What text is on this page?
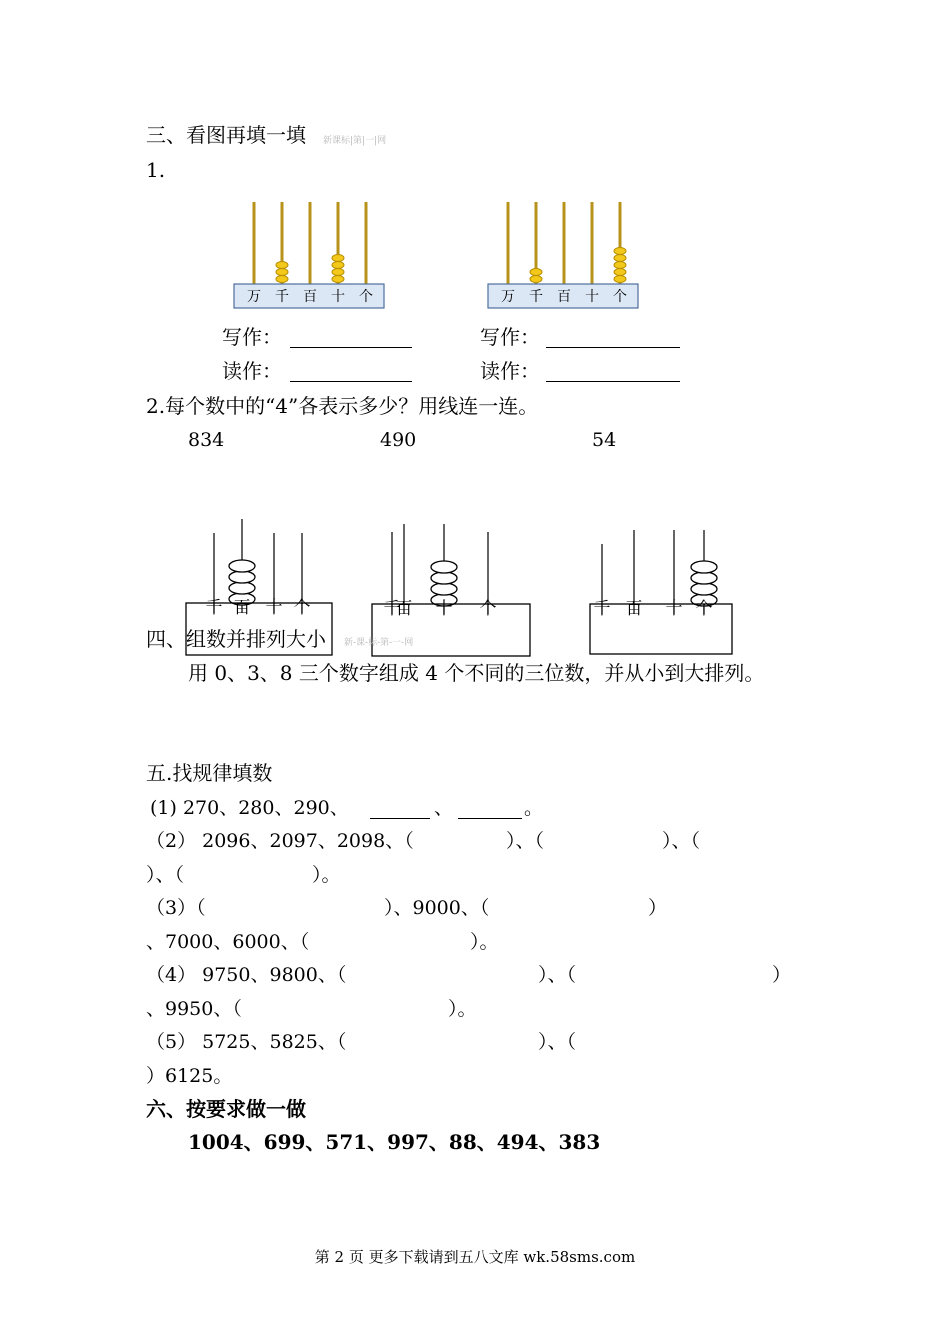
三、看图再填一填 新课标|第|一|网
1.
万 千 百 十 个	万 千 百 十 个
写作：	写作：
读作：	读作：
2.每个数中的“4”各表示多少？用线连一连。
834	490	54
千 百 十 个	千
百 十 个	千 百 十 个
四、组数并排列大小 新-课-标-第-一-网
用 0、3、8 三个数字组成 4 个不同的三位数，并从小到大排列。
五.找规律填数
(1) 270、280、290、	、	。
（2） 2096、2097、2098、（	）、（	）、（
）、（	）。
（3）（	）、9000、（	）
、7000、6000、（	）。
（4） 9750、9800、（	）、（	）
、9950、（	）。
（5） 5725、5825、（	）、（
）6125。
六、按要求做一做
1004、699、571、997、88、494、383
第 2 页 更多下载请到五八文库 wk.58sms.com
